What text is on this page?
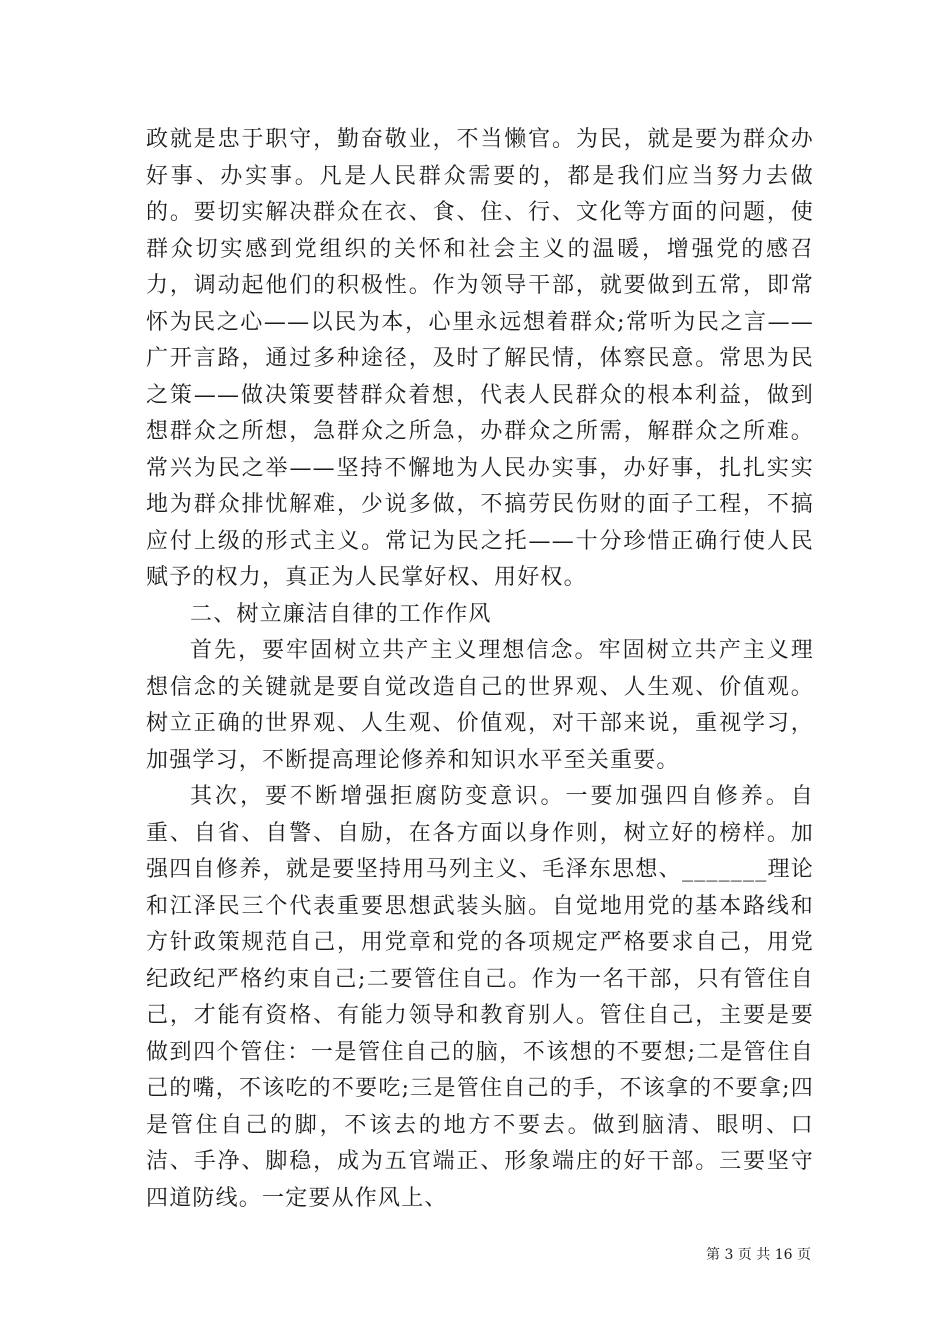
政就是忠于职守，勤奋敬业，不当懒官。为民，就是要为群众办好事、办实事。凡是人民群众需要的，都是我们应当努力去做的。要切实解决群众在衣、食、住、行、文化等方面的问题，使群众切实感到党组织的关怀和社会主义的温暖，增强党的感召力，调动起他们的积极性。作为领导干部，就要做到五常，即常怀为民之心——以民为本，心里永远想着群众;常听为民之言——广开言路，通过多种途径，及时了解民情，体察民意。常思为民之策——做决策要替群众着想，代表人民群众的根本利益，做到想群众之所想，急群众之所急，办群众之所需，解群众之所难。常兴为民之举——坚持不懈地为人民办实事，办好事，扎扎实实地为群众排忧解难，少说多做，不搞劳民伤财的面子工程，不搞应付上级的形式主义。常记为民之托——十分珍惜正确行使人民赋予的权力，真正为人民掌好权、用好权。

二、树立廉洁自律的工作作风

首先，要牢固树立共产主义理想信念。牢固树立共产主义理想信念的关键就是要自觉改造自己的世界观、人生观、价值观。树立正确的世界观、人生观、价值观，对干部来说，重视学习，加强学习，不断提高理论修养和知识水平至关重要。

其次，要不断增强拒腐防变意识。一要加强四自修养。自重、自省、自警、自励，在各方面以身作则，树立好的榜样。加强四自修养，就是要坚持用马列主义、毛泽东思想、_______理论和江泽民三个代表重要思想武装头脑。自觉地用党的基本路线和方针政策规范自己，用党章和党的各项规定严格要求自己，用党纪政纪严格约束自己;二要管住自己。作为一名干部，只有管住自己，才能有资格、有能力领导和教育别人。管住自己，主要是要做到四个管住：一是管住自己的脑，不该想的不要想;二是管住自己的嘴，不该吃的不要吃;三是管住自己的手，不该拿的不要拿;四是管住自己的脚，不该去的地方不要去。做到脑清、眼明、口洁、手净、脚稳，成为五官端正、形象端庄的好干部。三要坚守四道防线。一定要从作风上、

第 3 页 共 16 页
